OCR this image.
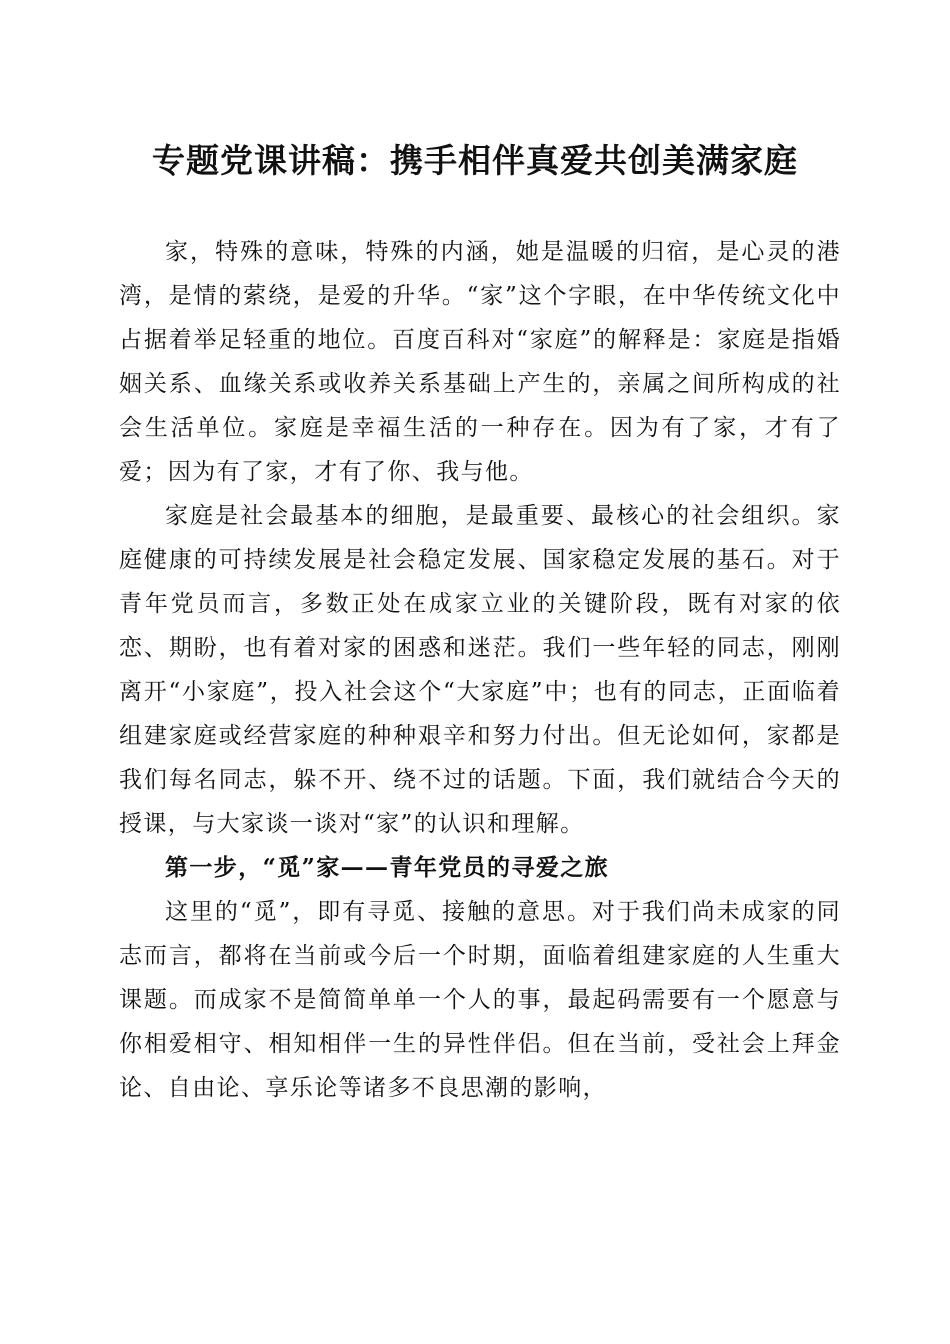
专题党课讲稿：携手相伴真爱共创美满家庭

家，特殊的意味，特殊的内涵，她是温暖的归宿，是心灵的港湾，是情的萦绕，是爱的升华。“家”这个字眼，在中华传统文化中占据着举足轻重的地位。百度百科对“家庭”的解释是：家庭是指婚姻关系、血缘关系或收养关系基础上产生的，亲属之间所构成的社会生活单位。家庭是幸福生活的一种存在。因为有了家，才有了爱；因为有了家，才有了你、我与他。

家庭是社会最基本的细胞，是最重要、最核心的社会组织。家庭健康的可持续发展是社会稳定发展、国家稳定发展的基石。对于青年党员而言，多数正处在成家立业的关键阶段，既有对家的依恋、期盼，也有着对家的困惑和迷茫。我们一些年轻的同志，刚刚离开“小家庭”，投入社会这个“大家庭”中；也有的同志，正面临着组建家庭或经营家庭的种种艰辛和努力付出。但无论如何，家都是我们每名同志，躲不开、绕不过的话题。下面，我们就结合今天的授课，与大家谈一谈对“家”的认识和理解。

第一步，“觅”家——青年党员的寻爱之旅

这里的“觅”，即有寻觅、接触的意思。对于我们尚未成家的同志而言，都将在当前或今后一个时期，面临着组建家庭的人生重大课题。而成家不是简简单单一个人的事，最起码需要有一个愿意与你相爱相守、相知相伴一生的异性伴侣。但在当前，受社会上拜金论、自由论、享乐论等诸多不良思潮的影响，
